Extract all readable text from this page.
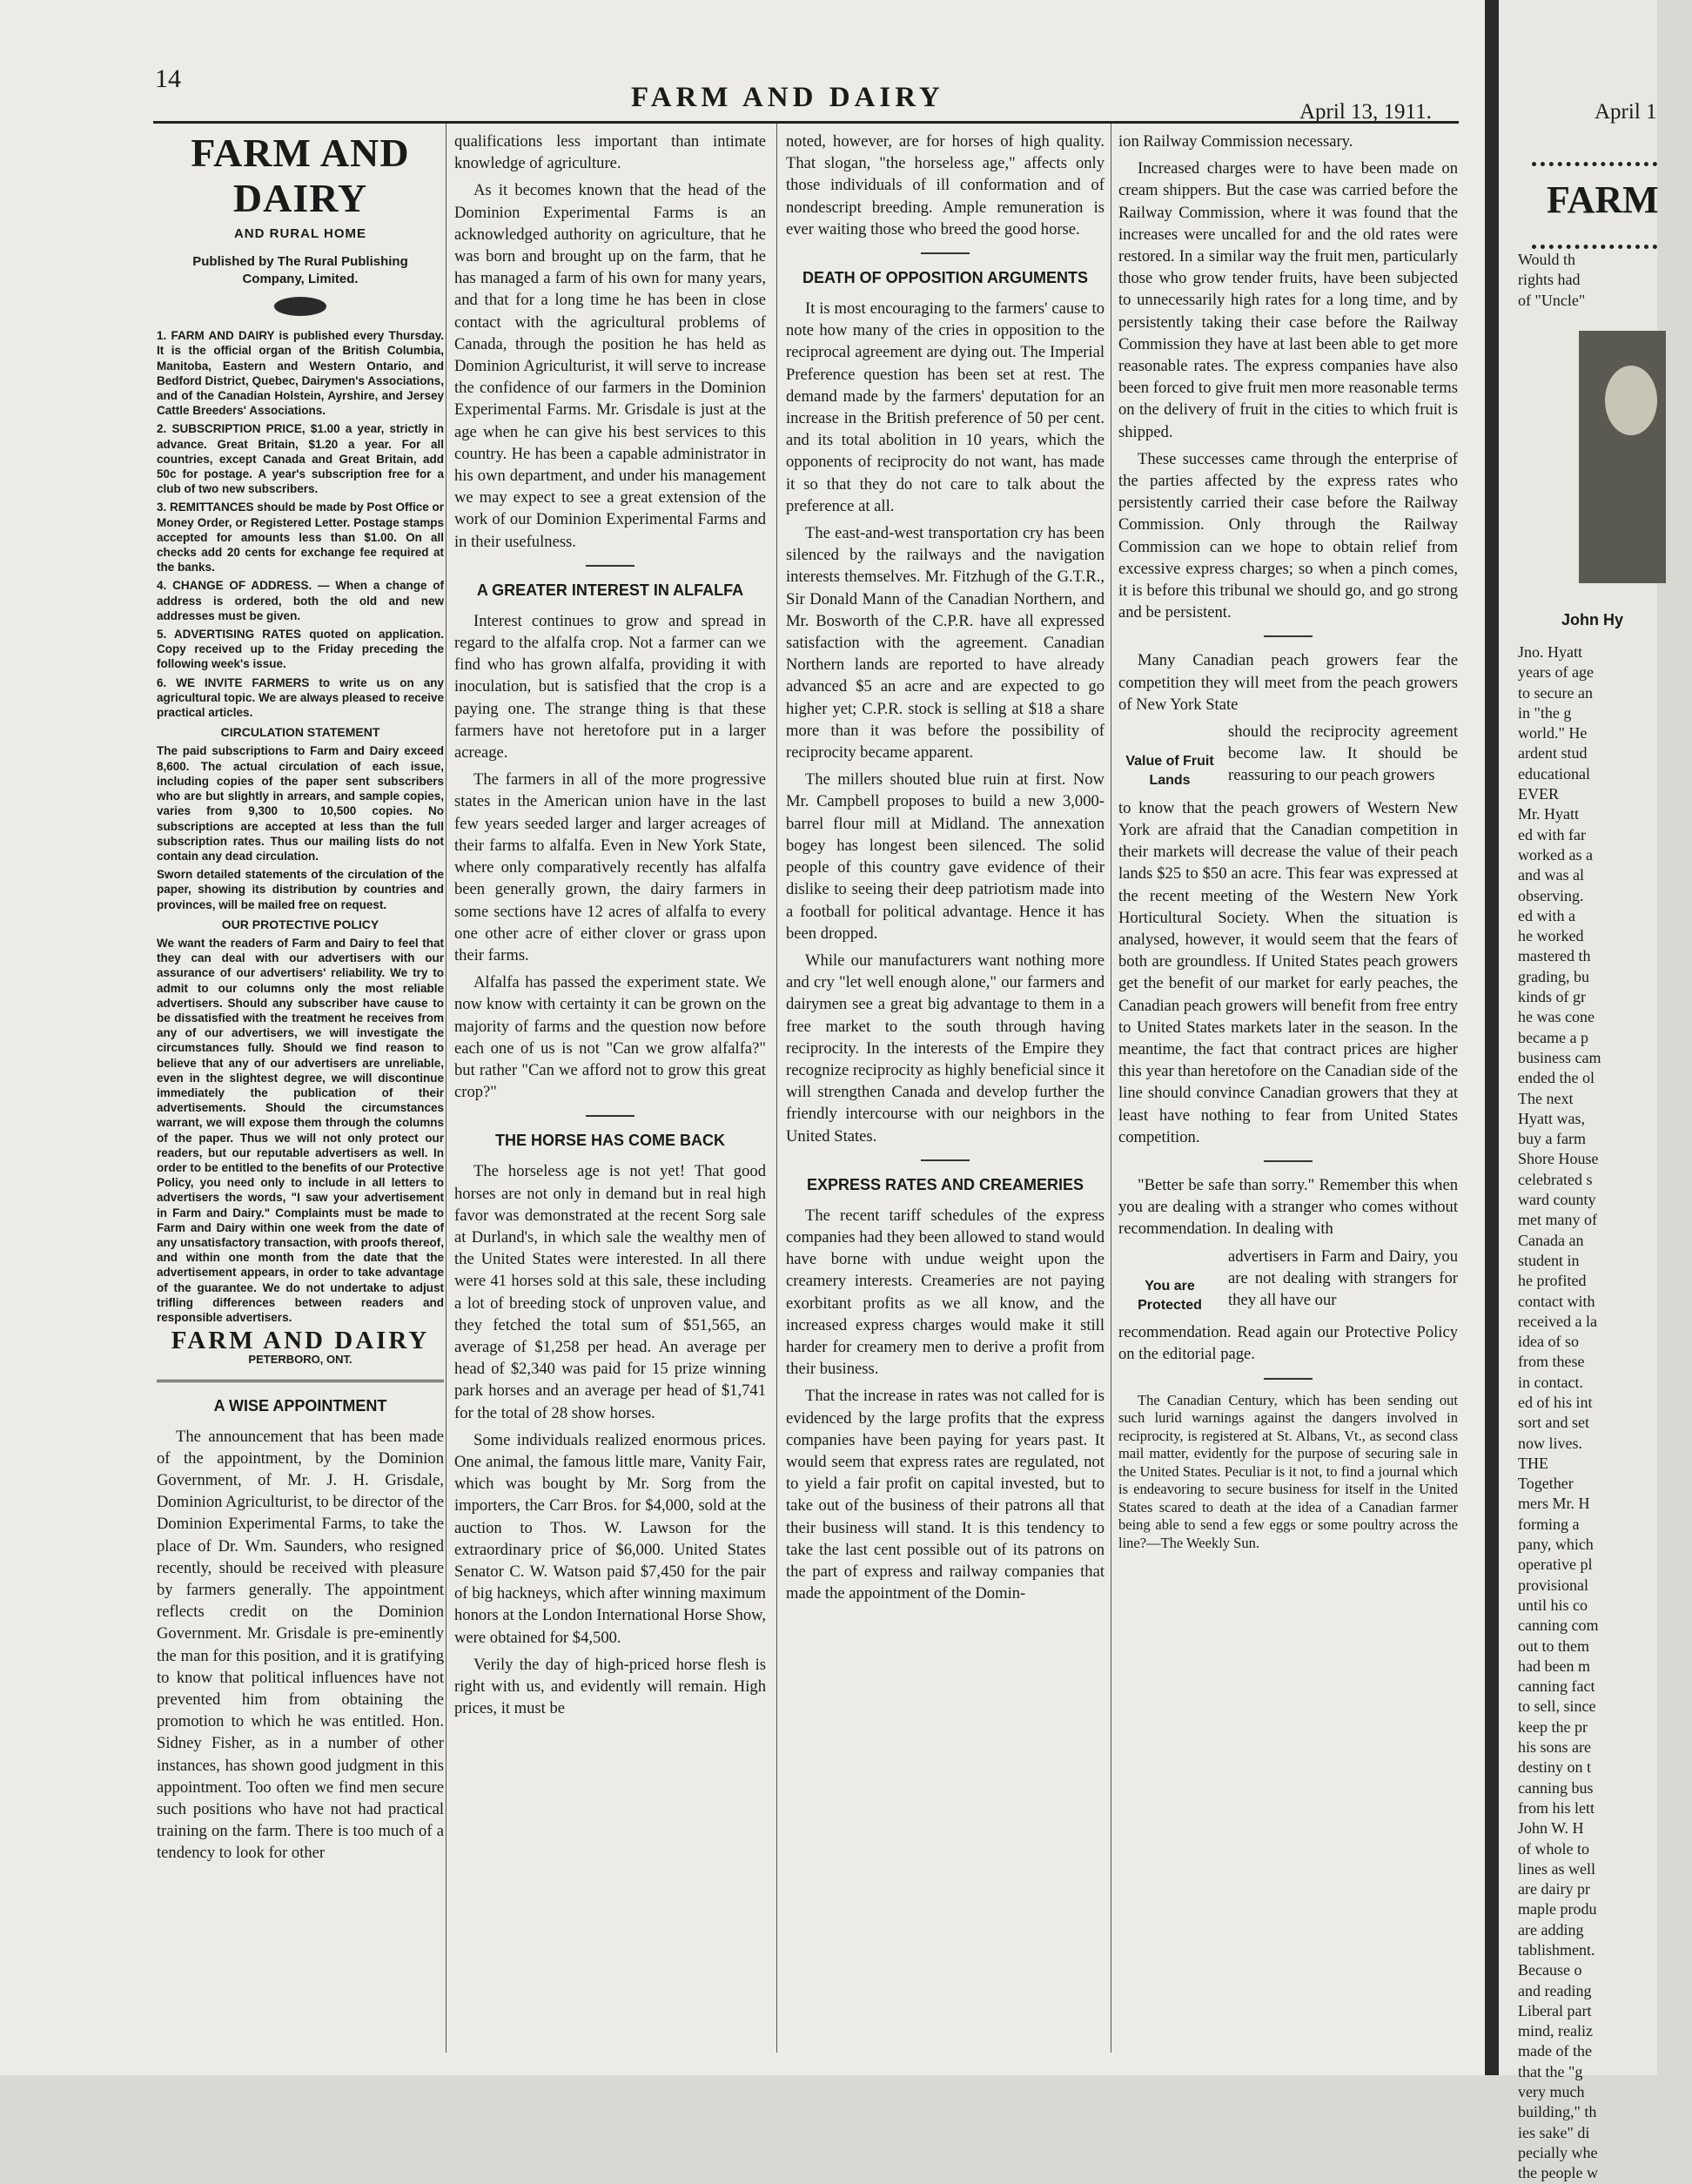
14
FARM AND DAIRY	April 13, 1911.
FARM AND DAIRY
AND RURAL HOME
Published by The Rural Publishing Company, Limited.

1. FARM AND DAIRY is published every Thursday. It is the official organ of the British Columbia, Manitoba, Eastern and Western Ontario, and Bedford District, Quebec, Dairymen's Associations, and of the Canadian Holstein, Ayrshire, and Jersey Cattle Breeders' Associations.

2. SUBSCRIPTION PRICE, $1.00 a year, strictly in advance. Great Britain, $1.20 a year. For all countries, except Canada and Great Britain, add 50c for postage. A year's subscription free for a club of two new subscribers.

3. REMITTANCES should be made by Post Office or Money Order, or Registered Letter. Postage stamps accepted for amounts less than $1.00. On all checks add 20 cents for exchange fee required at the banks.

4. CHANGE OF ADDRESS. — When a change of address is ordered, both the old and new addresses must be given.

5. ADVERTISING RATES quoted on application. Copy received up to the Friday preceding the following week's issue.

6. WE INVITE FARMERS to write us on any agricultural topic. We are always pleased to receive practical articles.

CIRCULATION STATEMENT

The paid subscriptions to Farm and Dairy exceed 8,600. The actual circulation of each issue, including copies of the paper sent subscribers who are but slightly in arrears, and sample copies, varies from 9,300 to 10,500 copies. No subscriptions are accepted at less than the full subscription rates. Thus our mailing lists do not contain any dead circulation.

Sworn detailed statements of the circulation of the paper, showing its distribution by countries and provinces, will be mailed free on request.

OUR PROTECTIVE POLICY

We want the readers of Farm and Dairy to feel that they can deal with our advertisers with our assurance of our advertisers' reliability. We try to admit to our columns only the most reliable advertisers. Should any subscriber have cause to be dissatisfied with the treatment he receives from any of our advertisers, we will investigate the circumstances fully. Should we find reason to believe that any of our advertisers are unreliable, even in the slightest degree, we will discontinue immediately the publication of their advertisements. Should the circumstances warrant, we will expose them through the columns of the paper. Thus we will not only protect our readers, but our reputable advertisers as well. In order to be entitled to the benefits of our Protective Policy, you need only to include in all letters to advertisers the words, "I saw your advertisement in Farm and Dairy." Complaints must be made to Farm and Dairy within one week from the date of any unsatisfactory transaction, with proofs thereof, and within one month from the date that the advertisement appears, in order to take advantage of the guarantee. We do not undertake to adjust trifling differences between readers and responsible advertisers.

FARM AND DAIRY
PETERBORO, ONT.
A WISE APPOINTMENT

The announcement that has been made of the appointment, by the Dominion Government, of Mr. J. H. Grisdale, Dominion Agriculturist, to be director of the Dominion Experimental Farms, to take the place of Dr. Wm. Saunders, who resigned recently, should be received with pleasure by farmers generally. The appointment reflects credit on the Dominion Government. Mr. Grisdale is pre-eminently the man for this position, and it is gratifying to know that political influences have not prevented him from obtaining the promotion to which he was entitled. Hon. Sidney Fisher, as in a number of other instances, has shown good judgment in this appointment. Too often we find men secure such positions who have not had practical training on the farm. There is too much of a tendency to look for other

qualifications less important than intimate knowledge of agriculture.

As it becomes known that the head of the Dominion Experimental Farms is an acknowledged authority on agriculture, that he was born and brought up on the farm, that he has managed a farm of his own for many years, and that for a long time he has been in close contact with the agricultural problems of Canada, through the position he has held as Dominion Agriculturist, it will serve to increase the confidence of our farmers in the Dominion Experimental Farms. Mr. Grisdale is just at the age when he can give his best services to this country. He has been a capable administrator in his own department, and under his management we may expect to see a great extension of the work of our Dominion Experimental Farms and in their usefulness.

A GREATER INTEREST IN ALFALFA

Interest continues to grow and spread in regard to the alfalfa crop. Not a farmer can we find who has grown alfalfa, providing it with inoculation, but is satisfied that the crop is a paying one. The strange thing is that these farmers have not heretofore put in a larger acreage.

The farmers in all of the more progressive states in the American union have in the last few years seeded larger and larger acreages of their farms to alfalfa. Even in New York State, where only comparatively recently has alfalfa been generally grown, the dairy farmers in some sections have 12 acres of alfalfa to every one other acre of either clover or grass upon their farms.

Alfalfa has passed the experiment state. We now know with certainty it can be grown on the majority of farms and the question now before each one of us is not "Can we grow alfalfa?" but rather "Can we afford not to grow this great crop?"

THE HORSE HAS COME BACK

The horseless age is not yet! That good horses are not only in demand but in real high favor was demonstrated at the recent Sorg sale at Durland's, in which sale the wealthy men of the United States were interested. In all there were 41 horses sold at this sale, these including a lot of breeding stock of unproven value, and they fetched the total sum of $51,565, an average of $1,258 per head. An average per head of $2,340 was paid for 15 prize winning park horses and an average per head of $1,741 for the total of 28 show horses.

Some individuals realized enormous prices. One animal, the famous little mare, Vanity Fair, which was bought by Mr. Sorg from the importers, the Carr Bros. for $4,000, sold at the auction to Thos. W. Lawson for the extraordinary price of $6,000. United States Senator C. W. Watson paid $7,450 for the pair of big hackneys, which after winning maximum honors at the London International Horse Show, were obtained for $4,500.

Verily the day of high-priced horse flesh is right with us, and evidently will remain. High prices, it must be

noted, however, are for horses of high quality. That slogan, "the horseless age," affects only those individuals of ill conformation and of nondescript breeding. Ample remuneration is ever waiting those who breed the good horse.

DEATH OF OPPOSITION ARGUMENTS

It is most encouraging to the farmers' cause to note how many of the cries in opposition to the reciprocal agreement are dying out. The Imperial Preference question has been set at rest. The demand made by the farmers' deputation for an increase in the British preference of 50 per cent. and its total abolition in 10 years, which the opponents of reciprocity do not want, has made it so that they do not care to talk about the preference at all.

The east-and-west transportation cry has been silenced by the railways and the navigation interests themselves. Mr. Fitzhugh of the G.T.R., Sir Donald Mann of the Canadian Northern, and Mr. Bosworth of the C.P.R. have all expressed satisfaction with the agreement. Canadian Northern lands are reported to have already advanced $5 an acre and are expected to go higher yet; C.P.R. stock is selling at $18 a share more than it was before the possibility of reciprocity became apparent.

The millers shouted blue ruin at first. Now Mr. Campbell proposes to build a new 3,000-barrel flour mill at Midland. The annexation bogey has longest been silenced. The solid people of this country gave evidence of their dislike to seeing their deep patriotism made into a football for political advantage. Hence it has been dropped.

While our manufacturers want nothing more and cry "let well enough alone," our farmers and dairymen see a great big advantage to them in a free market to the south through having reciprocity. In the interests of the Empire they recognize reciprocity as highly beneficial since it will strengthen Canada and develop further the friendly intercourse with our neighbors in the United States.

EXPRESS RATES AND CREAMERIES

The recent tariff schedules of the express companies had they been allowed to stand would have borne with undue weight upon the creamery interests. Creameries are not paying exorbitant profits as we all know, and the increased express charges would make it still harder for creamery men to derive a profit from their business.

That the increase in rates was not called for is evidenced by the large profits that the express companies have been paying for years past. It would seem that express rates are regulated, not to yield a fair profit on capital invested, but to take out of the business of their patrons all that their business will stand. It is this tendency to take the last cent possible out of its patrons on the part of express and railway companies that made the appointment of the Domin-

ion Railway Commission necessary.

Increased charges were to have been made on cream shippers. But the case was carried before the Railway Commission, where it was found that the increases were uncalled for and the old rates were restored. In a similar way the fruit men, particularly those who grow tender fruits, have been subjected to unnecessarily high rates for a long time, and by persistently taking their case before the Railway Commission they have at last been able to get more reasonable rates. The express companies have also been forced to give fruit men more reasonable terms on the delivery of fruit in the cities to which fruit is shipped.

These successes came through the enterprise of the parties affected by the express rates who persistently carried their case before the Railway Commission. Only through the Railway Commission can we hope to obtain relief from excessive express charges; so when a pinch comes, it is before this tribunal we should go, and go strong and be persistent.

Many Canadian peach growers fear the competition they will meet from the peach growers of New York State

Value of Fruit Lands

should the reciprocity agreement become law. It should be reassuring to our peach growers

to know that the peach growers of Western New York are afraid that the Canadian competition in their markets will decrease the value of their peach lands $25 to $50 an acre. This fear was expressed at the recent meeting of the Western New York Horticultural Society. When the situation is analysed, however, it would seem that the fears of both are groundless. If United States peach growers get the benefit of our market for early peaches, the Canadian peach growers will benefit from free entry to United States markets later in the season. In the meantime, the fact that contract prices are higher this year than heretofore on the Canadian side of the line should convince Canadian growers that they at least have nothing to fear from United States competition.

"Better be safe than sorry." Remember this when you are dealing with a stranger who comes without recommendation. In dealing with

You are Protected

advertisers in Farm and Dairy, you are not dealing with strangers for they all have our

recommendation. Read again our Protective Policy on the editorial page.

The Canadian Century, which has been sending out such lurid warnings against the dangers involved in reciprocity, is registered at St. Albans, Vt., as second class mail matter, evidently for the purpose of securing sale in the United States. Peculiar is it not, to find a journal which is endeavoring to secure business for itself in the United States scared to death at the idea of a Canadian farmer being able to send a few eggs or some poultry across the line?—The Weekly Sun.

April 1
FARM
Would th
rights had
of "Uncle"
John Hy
Jno. Hyatt
years of age
to secure an
in "the g
world." He
ardent stud
educational
EVER
Mr. Hyatt
ed with far
worked as a
and was al
observing.
ed with a
he worked
mastered th
grading, bu
kinds of gr
he was cone
became a p
business cam
ended the ol
The next
Hyatt was,
buy a farm
Shore House
celebrated s
ward county
met many of
Canada an
student in
he profited
contact with
received a la
idea of so
from these
in contact.
ed of his int
sort and set
now lives.
THE
Together
mers Mr. H
forming a
pany, which
operative pl
provisional
until his co
canning com
out to them
had been m
canning fact
to sell, since
keep the pr
his sons are
destiny on t
canning bus
from his lett
John W. H
of whole to
lines as well
are dairy pr
maple produ
are adding
tablishment.
Because o
and reading
Liberal part
mind, realiz
made of the
that the "g
very much
building," th
ies sake" di
pecially whe
the people w
